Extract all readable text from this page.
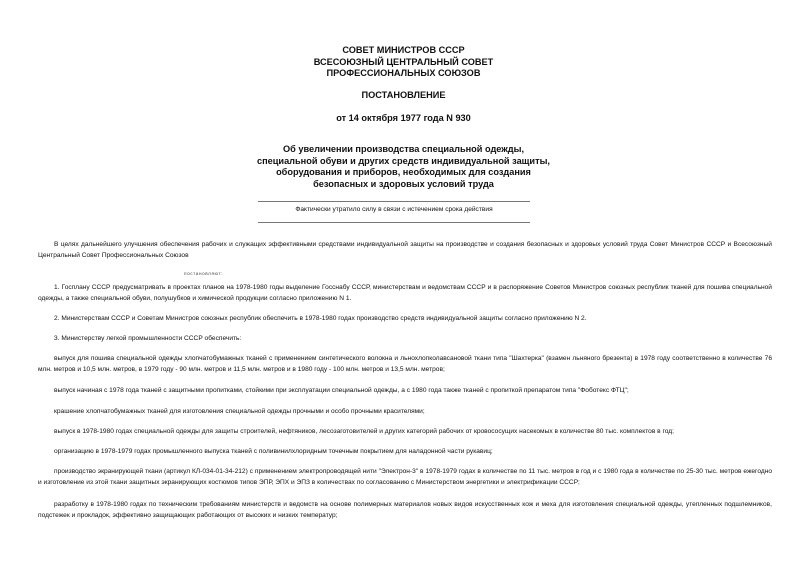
СОВЕТ МИНИСТРОВ СССР
ВСЕСОЮЗНЫЙ ЦЕНТРАЛЬНЫЙ СОВЕТ
ПРОФЕССИОНАЛЬНЫХ СОЮЗОВ
ПОСТАНОВЛЕНИЕ
от 14 октября 1977 года N 930
Об увеличении производства специальной одежды,
специальной обуви и других средств индивидуальной защиты,
оборудования и приборов, необходимых для создания
безопасных и здоровых условий труда
Фактически утратило силу в связи с истечением срока действия
В целях дальнейшего улучшения обеспечения рабочих и служащих эффективными средствами индивидуальной защиты на производстве и создания безопасных и здоровых условий труда Совет Министров СССР и Всесоюзный Центральный Совет Профессиональных Союзов
постановляют:
1. Госплану СССР предусматривать в проектах планов на 1978-1980 годы выделение Госснабу СССР, министерствам и ведомствам СССР и в распоряжение Советов Министров союзных республик тканей для пошива специальной одежды, а также специальной обуви, полушубков и химической продукции согласно приложению N 1.
2. Министерствам СССР и Советам Министров союзных республик обеспечить в 1978-1980 годах производство средств индивидуальной защиты согласно приложению N 2.
3. Министерству легкой промышленности СССР обеспечить:
выпуск для пошива специальной одежды хлопчатобумажных тканей с применением синтетического волокна и льнохлопколавсановой ткани типа "Шахтерка" (взамен льняного брезента) в 1978 году соответственно в количестве 76 млн. метров и 10,5 млн. метров, в 1979 году - 90 млн. метров и 11,5 млн. метров и в 1980 году - 100 млн. метров и 13,5 млн. метров;
выпуск начиная с 1978 года тканей с защитными пропитками, стойкими при эксплуатации специальной одежды, а с 1980 года также тканей с пропиткой препаратом типа "Фоботекс ФТЦ";
крашение хлопчатобумажных тканей для изготовления специальной одежды прочными и особо прочными красителями;
выпуск в 1978-1980 годах специальной одежды для защиты строителей, нефтяников, лесозаготовителей и других категорий рабочих от кровососущих насекомых в количестве 80 тыс. комплектов в год;
организацию в 1978-1979 годах промышленного выпуска тканей с поливинилхлоридным точечным покрытием для наладонной части рукавиц;
производство экранирующей ткани (артикул КЛ-034-01-34-212) с применением электропроводящей нити "Электрон-3" в 1978-1979 годах в количестве по 11 тыс. метров в год и с 1980 года в количестве по 25-30 тыс. метров ежегодно и изготовление из этой ткани защитных экранирующих костюмов типов ЭПР, ЭПХ и ЭПЗ в количествах по согласованию с Министерством энергетики и электрификации СССР;
разработку в 1978-1980 годах по техническим требованиям министерств и ведомств на основе полимерных материалов новых видов искусственных кож и меха для изготовления специальной одежды, утепленных подшлемников, подстежек и прокладок, эффективно защищающих работающих от высоких и низких температур;
